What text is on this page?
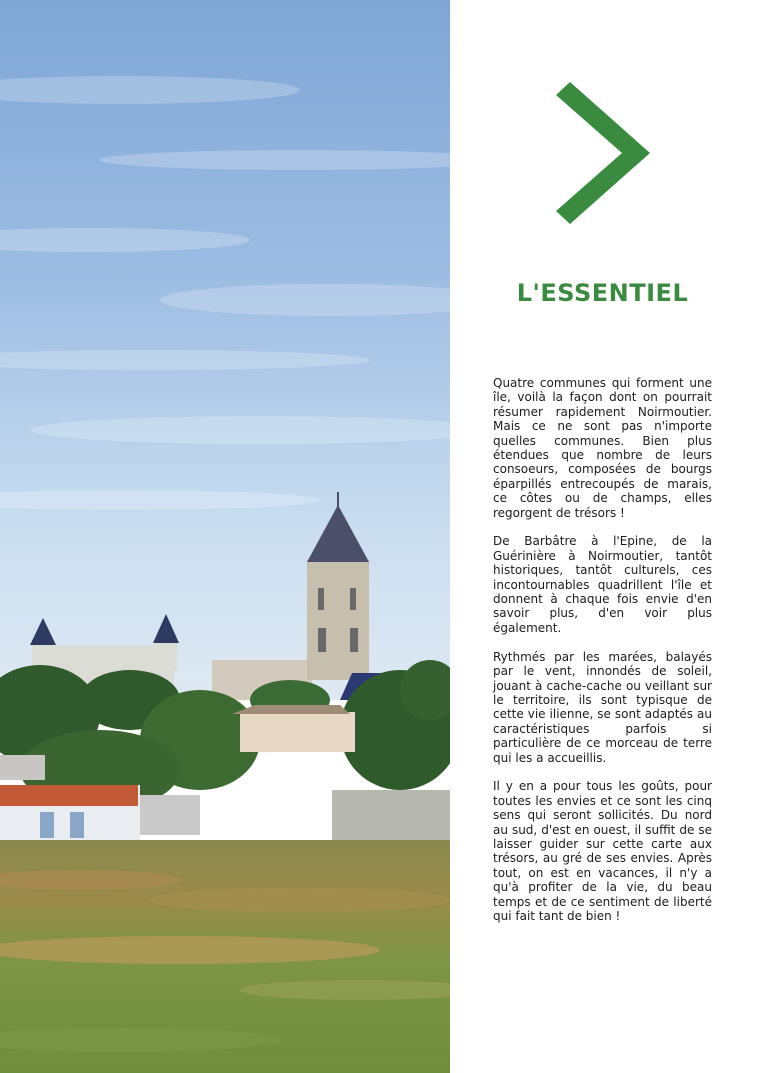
L'ESSENTIEL

Quatre communes qui forment une île, voilà la façon dont on pourrait résumer rapidement Noirmoutier. Mais ce ne sont pas n'importe quelles communes. Bien plus étendues que nombre de leurs consoeurs, composées de bourgs éparpillés entrecoupés de marais, ce côtes ou de champs, elles regorgent de trésors !

De Barbâtre à l'Epine, de la Guérinière à Noirmoutier, tantôt historiques, tantôt culturels, ces incontournables quadrillent l'île et donnent à chaque fois envie d'en savoir plus, d'en voir plus également.

Rythmés par les marées, balayés par le vent, innondés de soleil, jouant à cache-cache ou veillant sur le territoire, ils sont typisque de cette vie ilienne, se sont adaptés au caractéristiques parfois si particulière de ce morceau de terre qui les a accueillis.

Il y en a pour tous les goûts, pour toutes les envies et ce sont les cinq sens qui seront sollicités. Du nord au sud, d'est en ouest, il suffit de se laisser guider sur cette carte aux trésors, au gré de ses envies. Après tout, on est en vacances, il n'y a qu'à profiter de la vie, du beau temps et de ce sentiment de liberté qui fait tant de bien !
